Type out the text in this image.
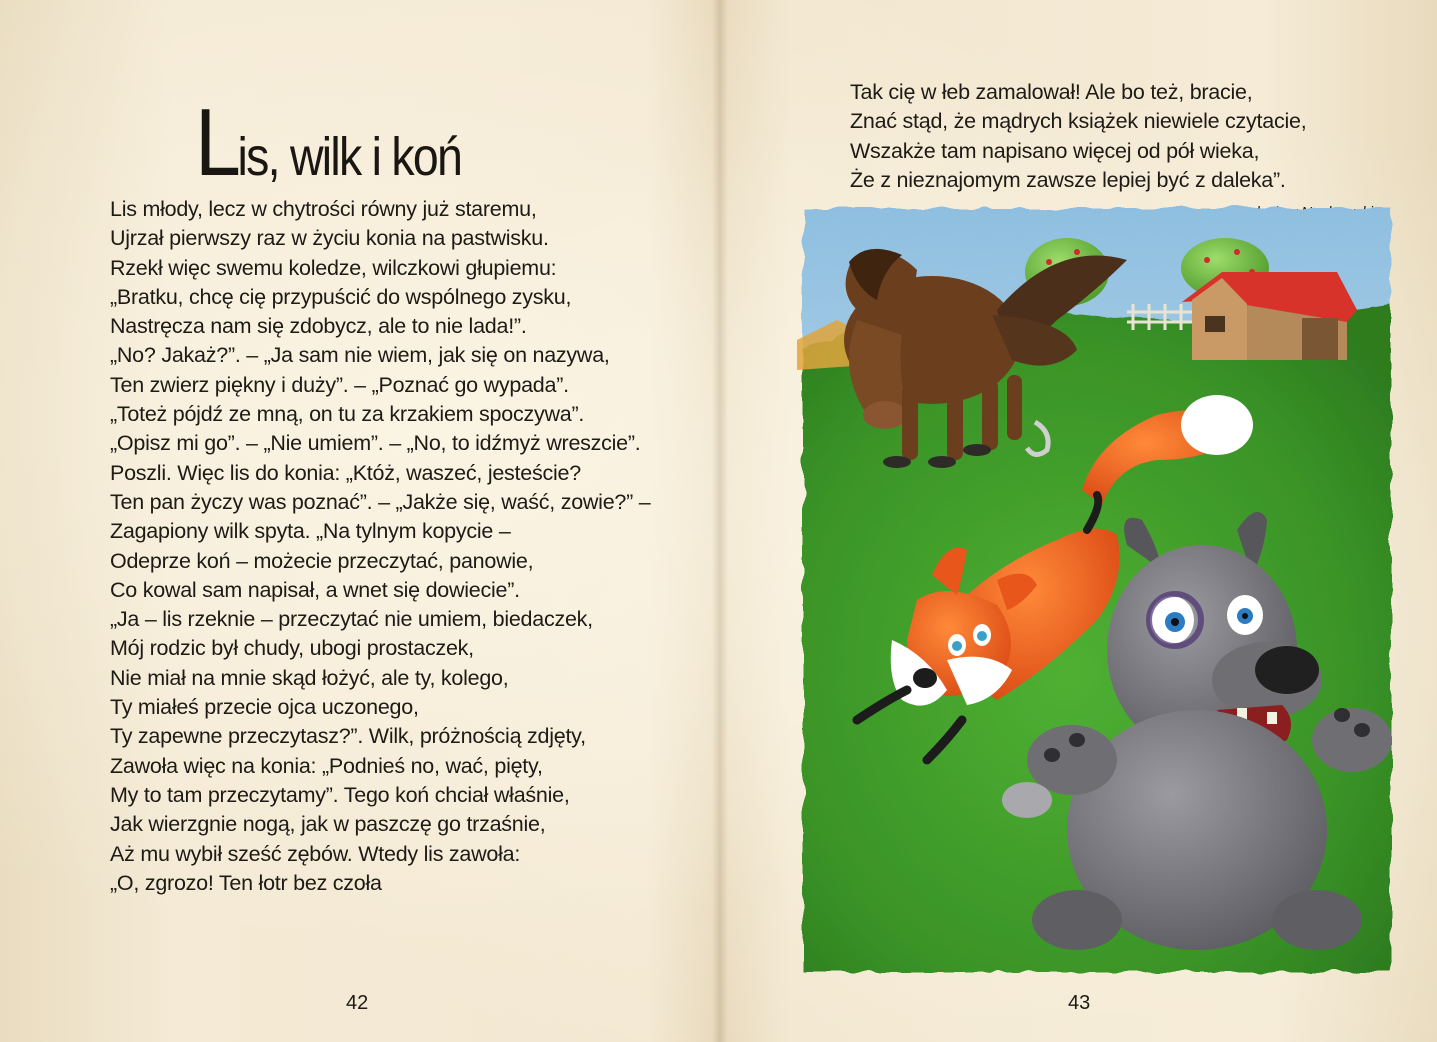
Lis, wilk i koń
Lis młody, lecz w chytrości równy już staremu,
Ujrzał pierwszy raz w życiu konia na pastwisku.
Rzekł więc swemu koledze, wilczkowi głupiemu:
„Bratku, chcę cię przypuścić do wspólnego zysku,
Nastręcza nam się zdobycz, ale to nie lada!”.
„No? Jakaż?”. – „Ja sam nie wiem, jak się on nazywa,
Ten zwierz piękny i duży”. – „Poznać go wypada”.
„Toteż pójdź ze mną, on tu za krzakiem spoczywa”.
„Opisz mi go”. – „Nie umiem”. – „No, to idźmyż wreszcie”.
Poszli. Więc lis do konia: „Któż, waszeć, jesteście?
Ten pan życzy was poznać”. – „Jakże się, waść, zowie?” –
Zagapiony wilk spyta. „Na tylnym kopycie –
Odeprze koń – możecie przeczytać, panowie,
Co kowal sam napisał, a wnet się dowiecie”.
„Ja – lis rzeknie – przeczytać nie umiem, biedaczek,
Mój rodzic był chudy, ubogi prostaczek,
Nie miał na mnie skąd łożyć, ale ty, kolego,
Ty miałeś przecie ojca uczonego,
Ty zapewne przeczytasz?”. Wilk, próżnością zdjęty,
Zawoła więc na konia: „Podnieś no, wać, pięty,
My to tam przeczytamy”. Tego koń chciał właśnie,
Jak wierzgnie nogą, jak w paszczę go trzaśnie,
Aż mu wybił sześć zębów. Wtedy lis zawoła:
„O, zgrozo! Ten łotr bez czoła
42
Tak cię w łeb zamalował! Ale bo też, bracie,
Znać stąd, że mądrych książek niewiele czytacie,
Wszakże tam napisano więcej od pół wieka,
Że z nieznajomym zawsze lepiej być z daleka”.
43
